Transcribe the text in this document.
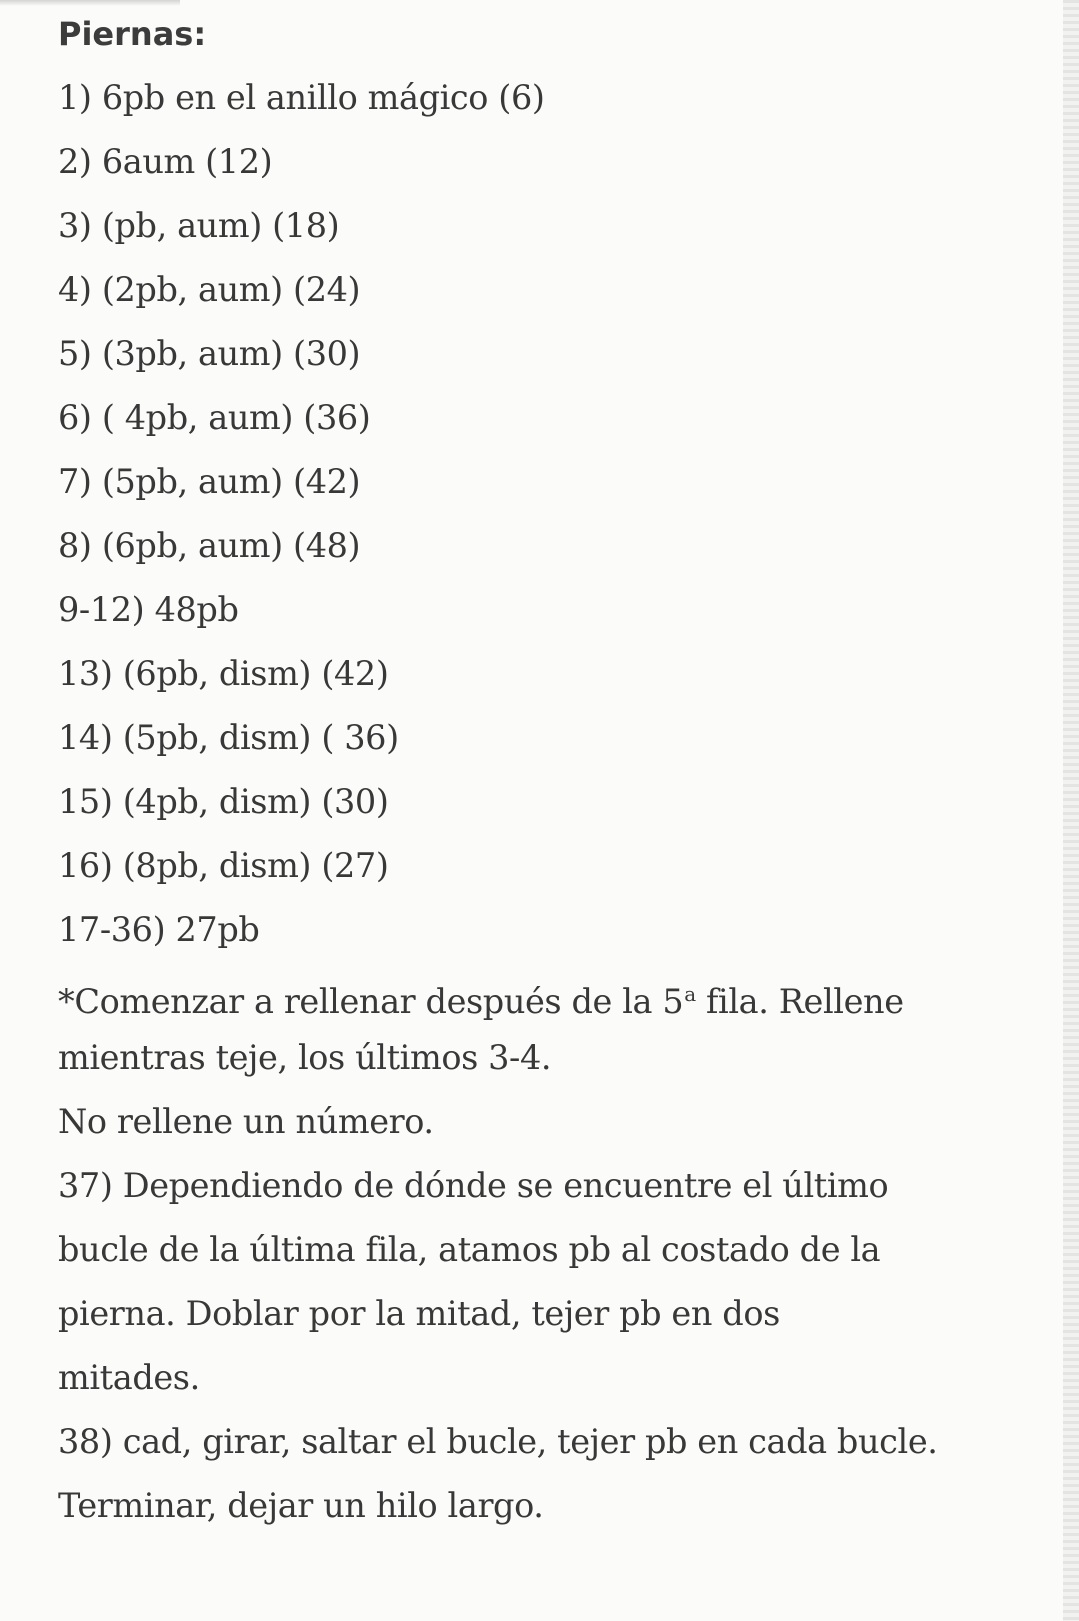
Piernas:
1) 6pb en el anillo mágico (6)
2) 6aum (12)
3) (pb, aum) (18)
4) (2pb, aum) (24)
5) (3pb, aum) (30)
6) ( 4pb, aum) (36)
7) (5pb, aum) (42)
8) (6pb, aum) (48)
9-12) 48pb
13) (6pb, dism) (42)
14) (5pb, dism) ( 36)
15) (4pb, dism) (30)
16) (8pb, dism) (27)
17-36) 27pb
*Comenzar a rellenar después de la 5$^a$ fila. Rellene
mientras teje, los últimos 3-4.
No rellene un número.
37) Dependiendo de dónde se encuentre el último
bucle de la última fila, atamos pb al costado de la
pierna. Doblar por la mitad, tejer pb en dos
mitades.
38) cad, girar, saltar el bucle, tejer pb en cada bucle.
Terminar, dejar un hilo largo.
